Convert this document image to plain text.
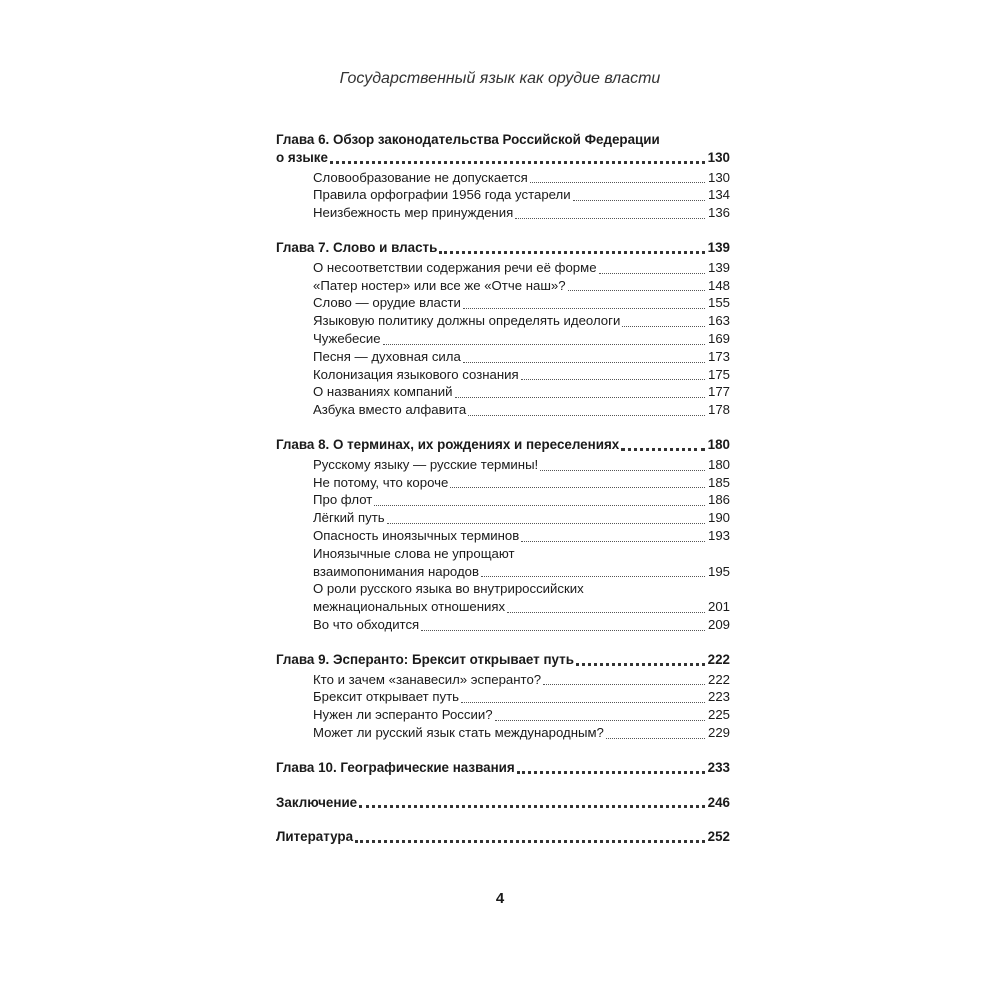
Государственный язык как орудие власти
Глава 6. Обзор законодательства Российской Федерации
о языке	130
Словообразование не допускается	130
Правила орфографии 1956 года устарели	134
Неизбежность мер принуждения	136
Глава 7. Слово и власть	139
О несоответствии содержания речи её форме	139
«Патер ностер» или все же «Отче наш»?	148
Слово — орудие власти	155
Языковую политику должны определять идеологи	163
Чужебесие	169
Песня — духовная сила	173
Колонизация языкового сознания	175
О названиях компаний	177
Азбука вместо алфавита	178
Глава 8. О терминах, их рождениях и переселениях	180
Русскому языку — русские термины!	180
Не потому, что короче	185
Про флот	186
Лёгкий путь	190
Опасность иноязычных терминов	193
Иноязычные слова не упрощают
взаимопонимания народов	195
О роли русского языка во внутрироссийских
межнациональных отношениях	201
Во что обходится	209
Глава 9. Эсперанто: Брексит открывает путь	222
Кто и зачем «занавесил» эсперанто?	222
Брексит открывает путь	223
Нужен ли эсперанто России?	225
Может ли русский язык стать международным?	229
Глава 10. Географические названия	233
Заключение	246
Литература	252
4
